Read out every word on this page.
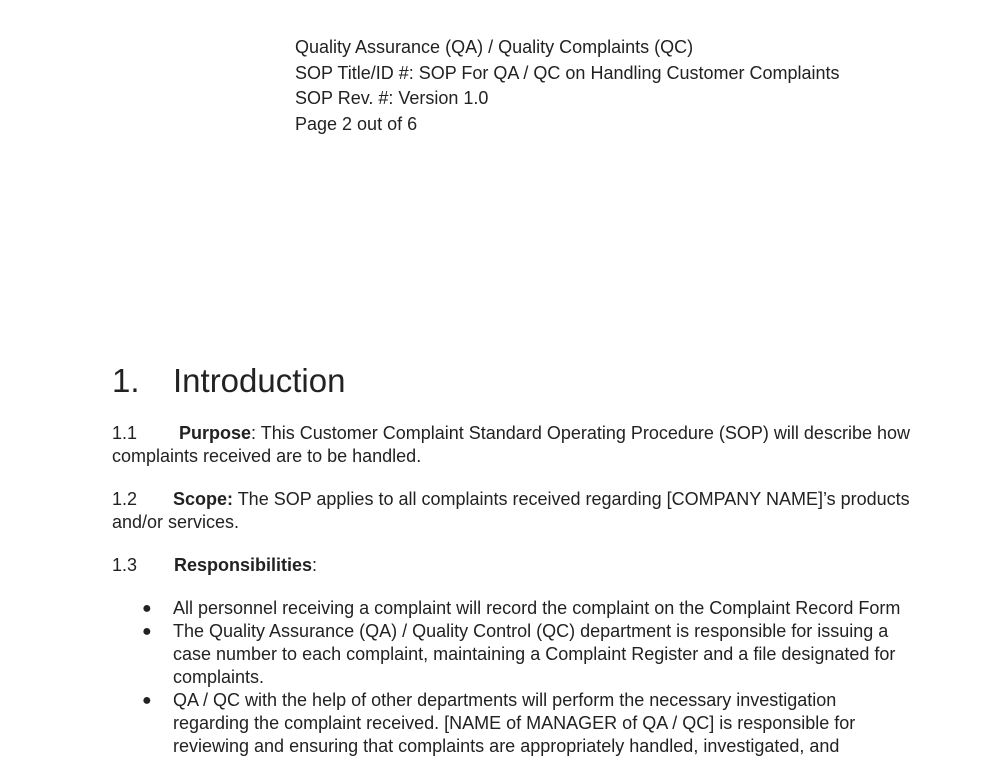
Quality Assurance (QA) / Quality Complaints (QC)
SOP Title/ID #: SOP For QA / QC on Handling Customer Complaints
SOP Rev. #: Version 1.0
Page 2 out of 6
1. Introduction
1.1 Purpose: This Customer Complaint Standard Operating Procedure (SOP) will describe how complaints received are to be handled.
1.2 Scope: The SOP applies to all complaints received regarding [COMPANY NAME]’s products and/or services.
1.3 Responsibilities:
● All personnel receiving a complaint will record the complaint on the Complaint Record Form
● The Quality Assurance (QA) / Quality Control (QC) department is responsible for issuing a case number to each complaint, maintaining a Complaint Register and a file designated for complaints.
● QA / QC with the help of other departments will perform the necessary investigation regarding the complaint received. [NAME of MANAGER of QA / QC] is responsible for reviewing and ensuring that complaints are appropriately handled, investigated, and
